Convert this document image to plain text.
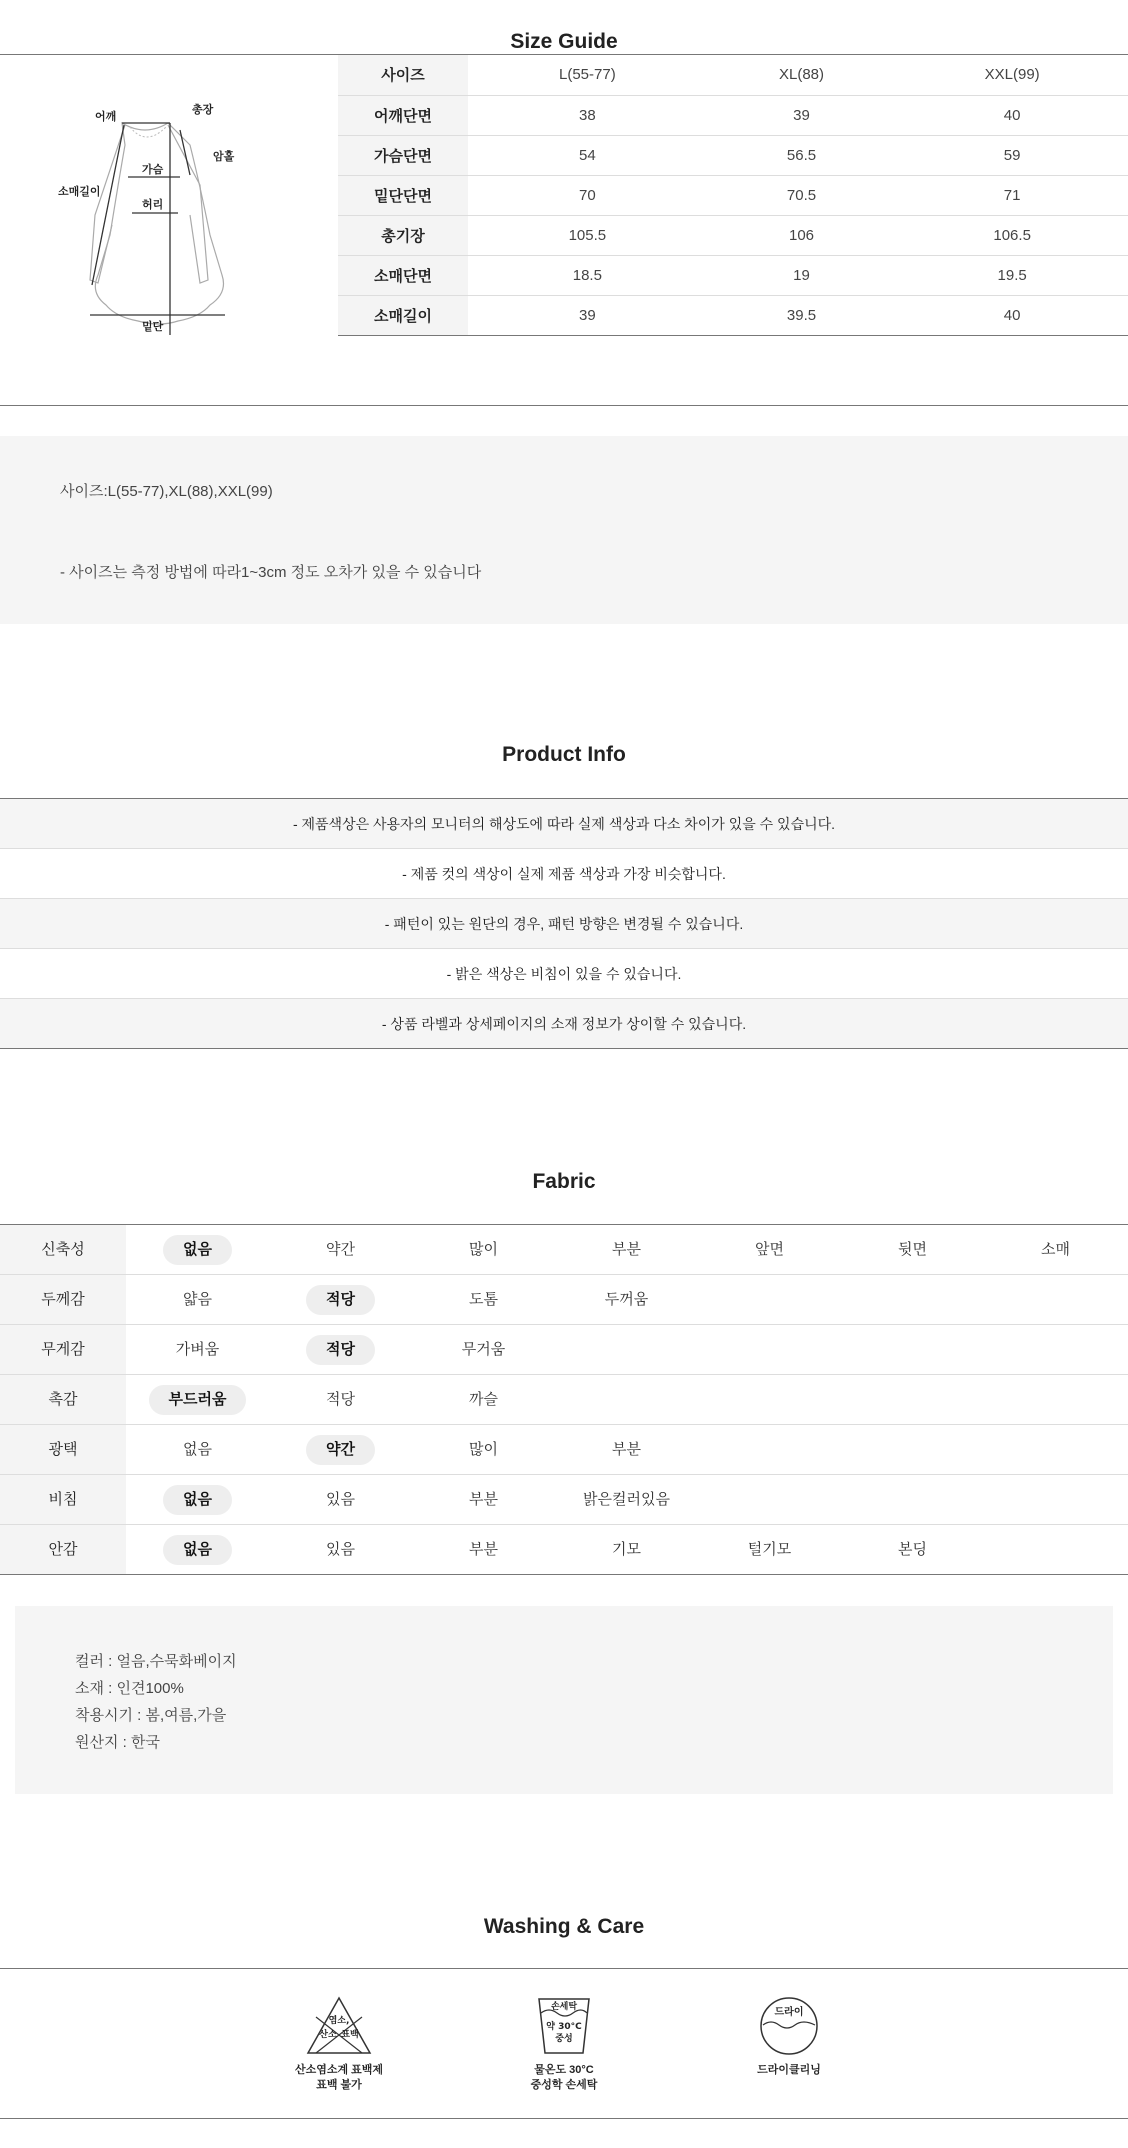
Size Guide
어깨
총장
암홀
가슴
소매길이
허리
밑단
사이즈	L(55-77)	XL(88)	XXL(99)
어깨단면	38	39	40
가슴단면	54	56.5	59
밑단단면	70	70.5	71
총기장	105.5	106	106.5
소매단면	18.5	19	19.5
소매길이	39	39.5	40

사이즈:L(55-77),XL(88),XXL(99)

- 사이즈는 측정 방법에 따라1~3cm 정도 오차가 있을 수 있습니다

Product Info
- 제품색상은 사용자의 모니터의 해상도에 따라 실제 색상과 다소 차이가 있을 수 있습니다.
- 제품 컷의 색상이 실제 제품 색상과 가장 비슷합니다.
- 패턴이 있는 원단의 경우, 패턴 방향은 변경될 수 있습니다.
- 밝은 색상은 비침이 있을 수 있습니다.
- 상품 라벨과 상세페이지의 소재 정보가 상이할 수 있습니다.
Fabric
신축성	없음	약간	많이	부분	앞면	뒷면	소매
두께감	얇음	적당	도톰	두꺼움
무게감	가벼움	적당	무거움
촉감	부드러움	적당	까슬
광택	없음	약간	많이	부분
비침	없음	있음	부분	밝은컬러있음
안감	없음	있음	부분	기모	털기모	본딩

컬러 : 얼음,수묵화베이지

소재 : 인견100%

착용시기 : 봄,여름,가을

원산지 : 한국

Washing & Care
염소,
산소 표백
산소염소계 표백제
표백 불가
손세탁
약 30°C
중성
물온도 30°C
중성학 손세탁
드라이
드라이클리닝
